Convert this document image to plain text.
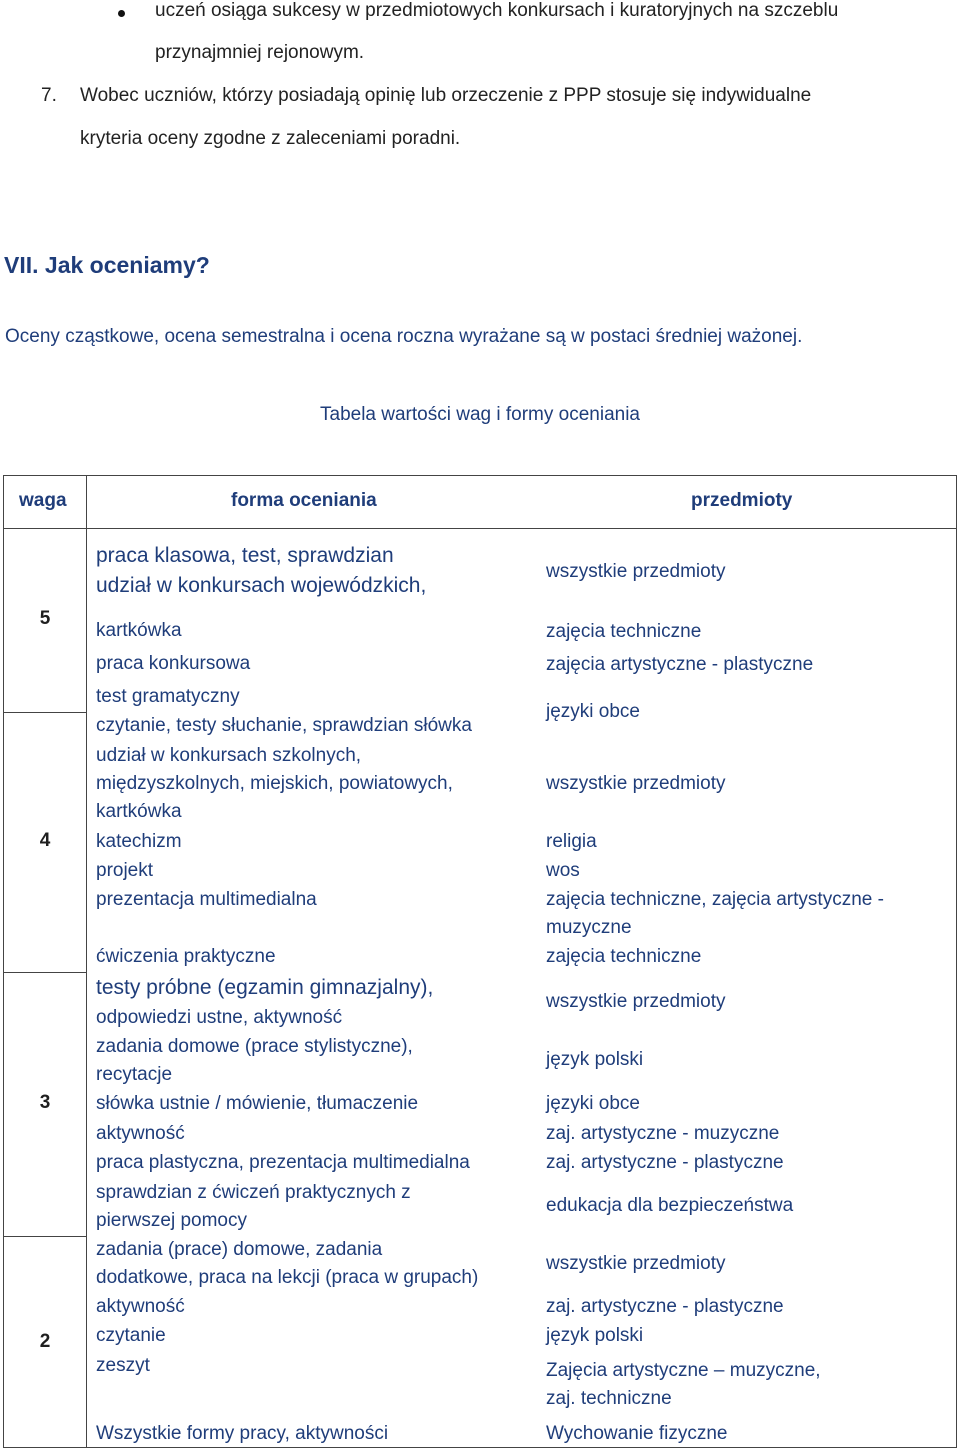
uczeń osiąga sukcesy w przedmiotowych konkursach i kuratoryjnych na szczeblu
przynajmniej rejonowym.
7. Wobec uczniów, którzy posiadają opinię lub orzeczenie z PPP stosuje się indywidualne
kryteria oceny zgodne z zaleceniami poradni.
VII. Jak oceniamy?
Oceny cząstkowe, ocena semestralna i ocena roczna wyrażane są w postaci średniej ważonej.
Tabela wartości wag i formy oceniania
waga	forma oceniania	przedmioty
5
4
3
2
praca klasowa, test, sprawdzian
udział w konkursach wojewódzkich,
kartkówka
praca konkursowa
test gramatyczny
czytanie, testy słuchanie, sprawdzian słówka
udział w konkursach szkolnych,
międzyszkolnych, miejskich, powiatowych,
kartkówka
katechizm
projekt
prezentacja multimedialna
ćwiczenia praktyczne
testy próbne (egzamin gimnazjalny),
odpowiedzi ustne, aktywność
zadania domowe (prace stylistyczne),
recytacje
słówka ustnie / mówienie, tłumaczenie
aktywność
praca plastyczna, prezentacja multimedialna
sprawdzian z ćwiczeń praktycznych z
pierwszej pomocy
zadania (prace) domowe, zadania
dodatkowe, praca na lekcji (praca w grupach)
aktywność
czytanie
zeszyt
Wszystkie formy pracy, aktywności
wszystkie przedmioty
zajęcia techniczne
zajęcia artystyczne - plastyczne
języki obce
wszystkie przedmioty
religia
wos
zajęcia techniczne, zajęcia artystyczne -
muzyczne
zajęcia techniczne
wszystkie przedmioty
język polski
języki obce
zaj. artystyczne - muzyczne
zaj. artystyczne - plastyczne
edukacja dla bezpieczeństwa
wszystkie przedmioty
zaj. artystyczne - plastyczne
język polski
Zajęcia artystyczne – muzyczne,
zaj. techniczne
Wychowanie fizyczne
